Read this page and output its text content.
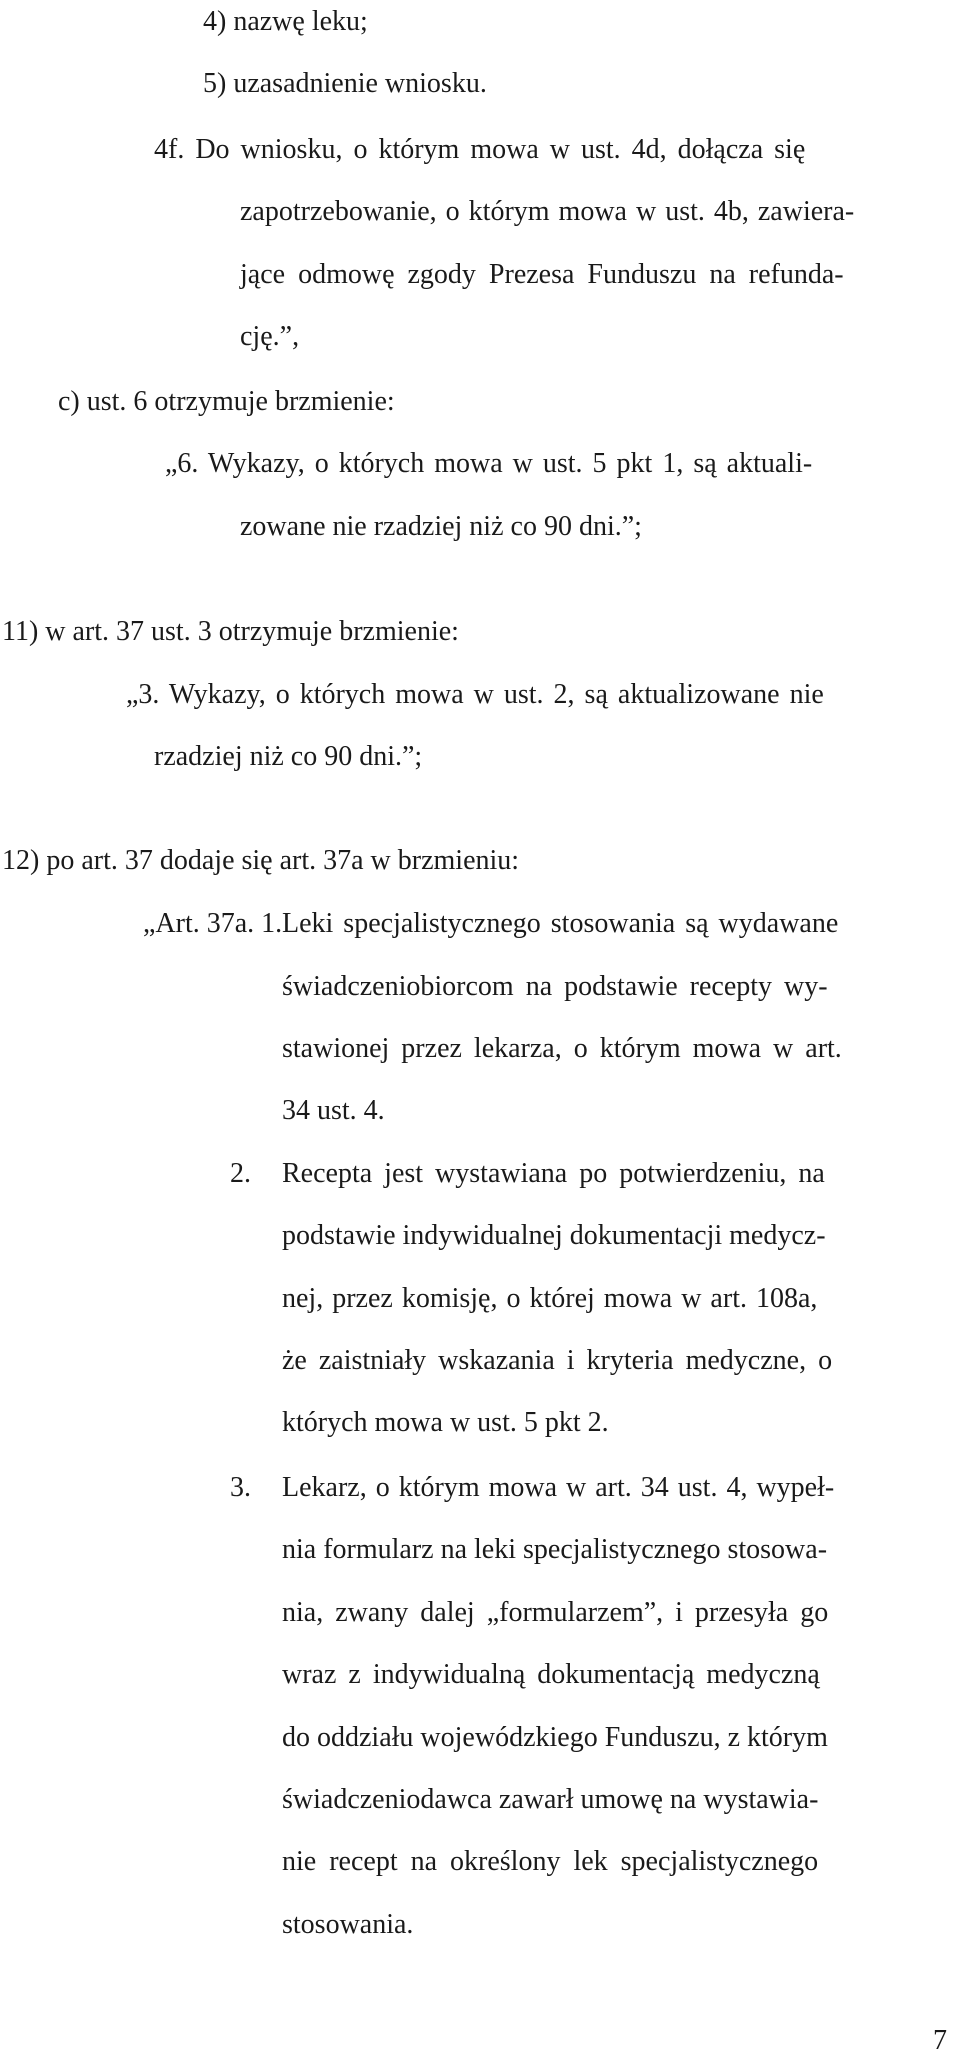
4) nazwę leku;
5) uzasadnienie wniosku.
4f. Do wniosku, o którym mowa w ust. 4d, dołącza się
zapotrzebowanie, o którym mowa w ust. 4b, zawiera-
jące odmowę zgody Prezesa Funduszu na refunda-
cję.”,
c) ust. 6 otrzymuje brzmienie:
„6. Wykazy, o których mowa w ust. 5 pkt 1, są aktuali-
zowane nie rzadziej niż co 90 dni.”;
11) w art. 37 ust. 3 otrzymuje brzmienie:
„3. Wykazy, o których mowa w ust. 2, są aktualizowane nie
rzadziej niż co 90 dni.”;
12) po art. 37 dodaje się art. 37a w brzmieniu:
„Art. 37a. 1. Leki specjalistycznego stosowania są wydawane
świadczeniobiorcom na podstawie recepty wy-
stawionej przez lekarza, o którym mowa w art.
34 ust. 4.
2. Recepta jest wystawiana po potwierdzeniu, na
podstawie indywidualnej dokumentacji medycz-
nej, przez komisję, o której mowa w art. 108a,
że zaistniały wskazania i kryteria medyczne, o
których mowa w ust. 5 pkt 2.
3. Lekarz, o którym mowa w art. 34 ust. 4, wypeł-
nia formularz na leki specjalistycznego stosowa-
nia, zwany dalej „formularzem”, i przesyła go
wraz z indywidualną dokumentacją medyczną
do oddziału wojewódzkiego Funduszu, z którym
świadczeniodawca zawarł umowę na wystawia-
nie recept na określony lek specjalistycznego
stosowania.
7
